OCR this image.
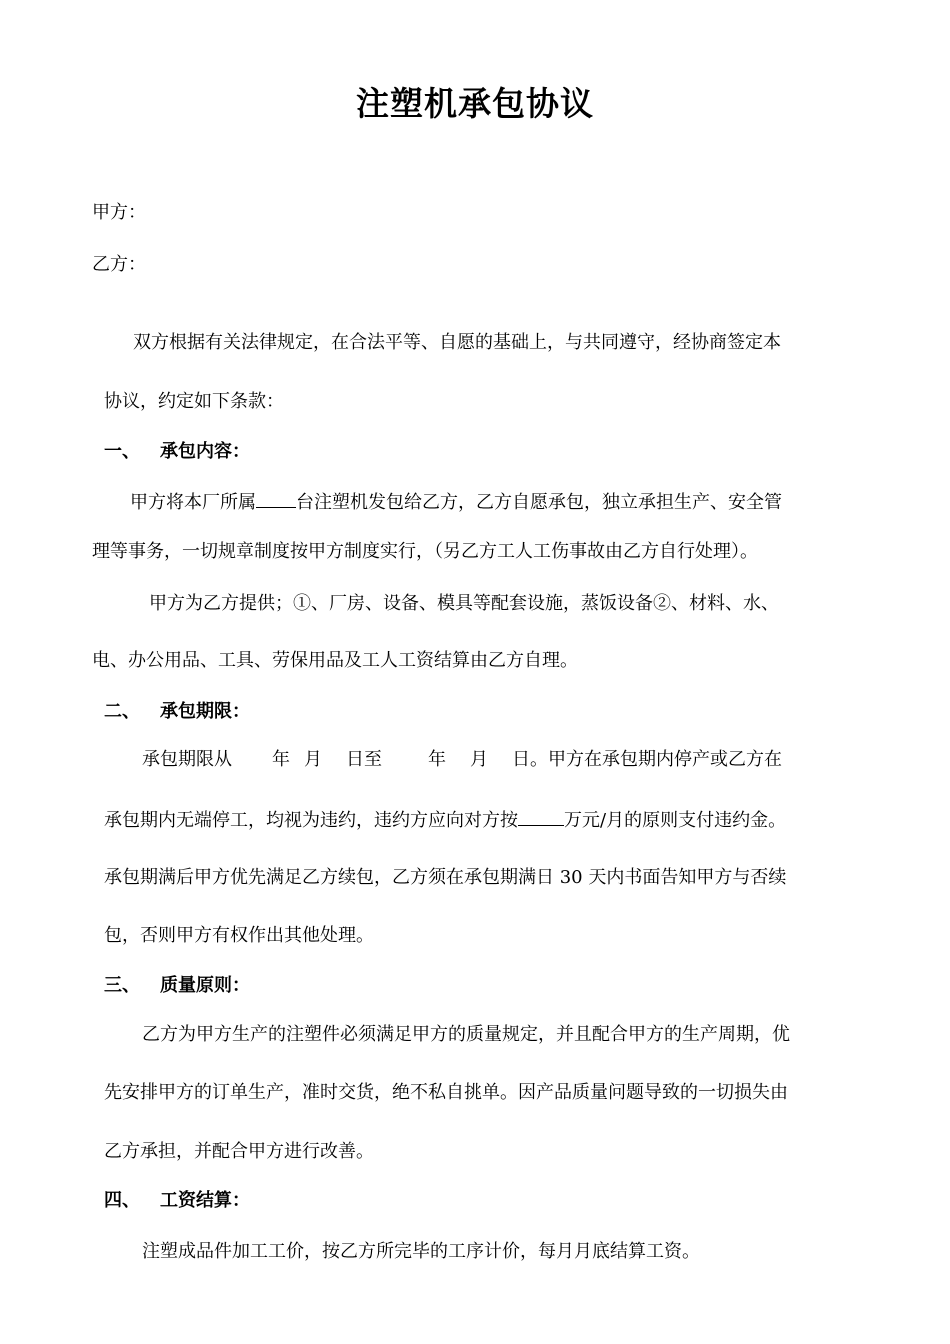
注塑机承包协议
甲方：
乙方：
双方根据有关法律规定，在合法平等、自愿的基础上，与共同遵守，经协商签定本
协议，约定如下条款：
一、 承包内容：
甲方将本厂所属 台注塑机发包给乙方，乙方自愿承包，独立承担生产、安全管
理等事务，一切规章制度按甲方制度实行，（另乙方工人工伤事故由乙方自行处理）。
甲方为乙方提供；①、厂房、设备、模具等配套设施，蒸饭设备②、材料、水、
电、办公用品、工具、劳保用品及工人工资结算由乙方自理。
二、 承包期限：
承包期限从 年 月 日至	年 月 日。甲方在承包期内停产或乙方在
承包期内无端停工，均视为违约，违约方应向对方按	万元/月的原则支付违约金。
承包期满后甲方优先满足乙方续包，乙方须在承包期满日 30 天内书面告知甲方与否续
包，否则甲方有权作出其他处理。
三、 质量原则：
乙方为甲方生产的注塑件必须满足甲方的质量规定，并且配合甲方的生产周期，优
先安排甲方的订单生产，准时交货，绝不私自挑单。因产品质量问题导致的一切损失由
乙方承担，并配合甲方进行改善。
四、 工资结算：
注塑成品件加工工价，按乙方所完毕的工序计价，每月月底结算工资。
